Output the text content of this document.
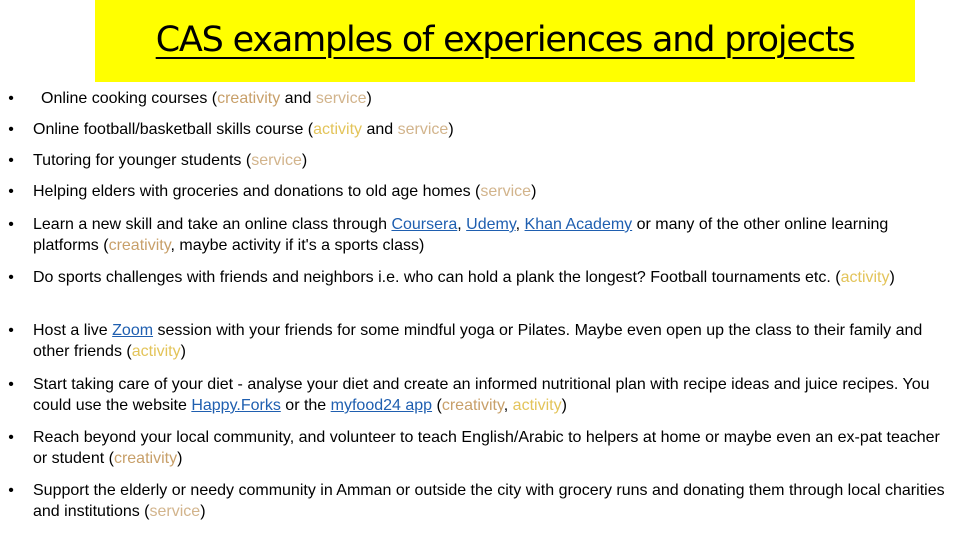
CAS examples of experiences and projects
• Online cooking courses (creativity and service)
• Online football/basketball skills course (activity and service)
• Tutoring for younger students (service)
• Helping elders with groceries and donations to old age homes (service)
• Learn a new skill and take an online class through Coursera, Udemy, Khan Academy or many of the other online learning platforms (creativity, maybe activity if it's a sports class)
• Do sports challenges with friends and neighbors i.e. who can hold a plank the longest? Football tournaments etc. (activity)
• Host a live Zoom session with your friends for some mindful yoga or Pilates. Maybe even open up the class to their family and other friends (activity)
• Start taking care of your diet - analyse your diet and create an informed nutritional plan with recipe ideas and juice recipes. You could use the website Happy.Forks or the myfood24 app (creativity, activity)
• Reach beyond your local community, and volunteer to teach English/Arabic to helpers at home or maybe even an ex-pat teacher or student (creativity)
• Support the elderly or needy community in Amman or outside the city with grocery runs and donating them through local charities and institutions (service)
